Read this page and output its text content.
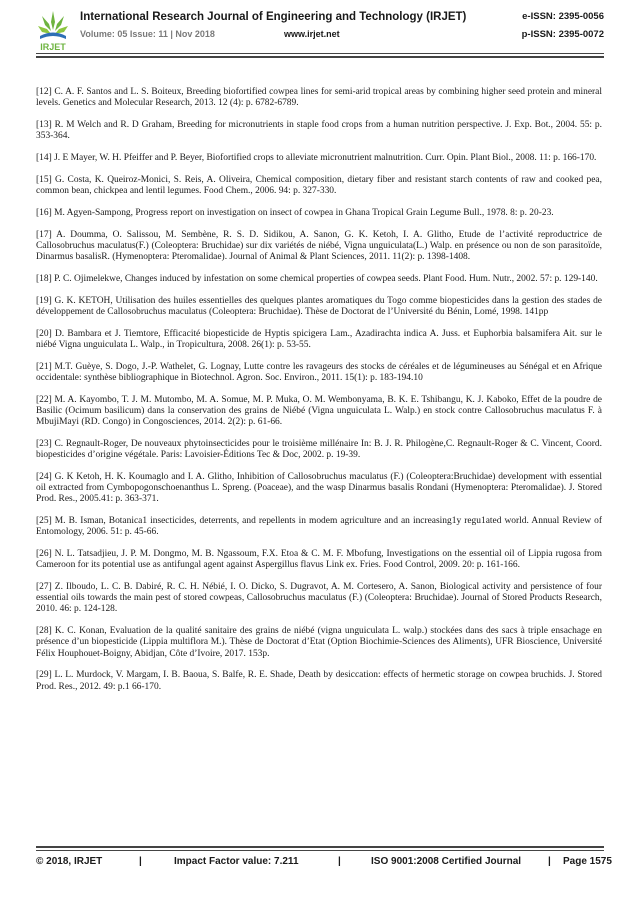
IRJET
International Research Journal of Engineering and Technology (IRJET)
Volume: 05 Issue: 11 | Nov 2018	www.irjet.net
e-ISSN: 2395-0056
p-ISSN: 2395-0072

[12] C. A. F. Santos and L. S. Boiteux, Breeding biofortified cowpea lines for semi-arid tropical areas by combining higher seed protein and mineral levels. Genetics and Molecular Research, 2013. 12 (4): p. 6782-6789.

[13] R. M Welch and R. D Graham, Breeding for micronutrients in staple food crops from a human nutrition perspective. J. Exp. Bot., 2004. 55: p. 353-364.

[14] J. E Mayer, W. H. Pfeiffer and P. Beyer, Biofortified crops to alleviate micronutrient malnutrition. Curr. Opin. Plant Biol., 2008. 11: p. 166-170.

[15] G. Costa, K. Queiroz-Monici, S. Reis, A. Oliveira, Chemical composition, dietary fiber and resistant starch contents of raw and cooked pea, common bean, chickpea and lentil legumes. Food Chem., 2006. 94: p. 327-330.

[16] M. Agyen-Sampong, Progress report on investigation on insect of cowpea in Ghana Tropical Grain Legume Bull., 1978. 8: p. 20-23.

[17] A. Doumma, O. Salissou, M. Sembène, R. S. D. Sidikou, A. Sanon, G. K. Ketoh, I. A. Glitho, Etude de l’activité reproductrice de Callosobruchus maculatus(F.) (Coleoptera: Bruchidae) sur dix variétés de niébé, Vigna unguiculata(L.) Walp. en présence ou non de son parasitoïde, Dinarmus basalisR. (Hymenoptera: Pteromalidae). Journal of Animal & Plant Sciences, 2011. 11(2): p. 1398-1408.

[18] P. C. Ojimelekwe, Changes induced by infestation on some chemical properties of cowpea seeds. Plant Food. Hum. Nutr., 2002. 57: p. 129-140.

[19] G. K. KETOH, Utilisation des huiles essentielles des quelques plantes aromatiques du Togo comme biopesticides dans la gestion des stades de développement de Callosobruchus maculatus (Coleoptera: Bruchidae). Thèse de Doctorat de l’Université du Bénin, Lomé, 1998. 141pp

[20] D. Bambara et J. Tiemtore, Efficacité biopesticide de Hyptis spicigera Lam., Azadirachta indica A. Juss. et Euphorbia balsamifera Ait. sur le niébé Vigna unguiculata L. Walp., in Tropicultura, 2008. 26(1): p. 53-55.

[21] M.T. Guèye, S. Dogo, J.-P. Wathelet, G. Lognay, Lutte contre les ravageurs des stocks de céréales et de légumineuses au Sénégal et en Afrique occidentale: synthèse bibliographique in Biotechnol. Agron. Soc. Environ., 2011. 15(1): p. 183-194.10

[22] M. A. Kayombo, T. J. M. Mutombo, M. A. Somue, M. P. Muka, O. M. Wembonyama, B. K. E. Tshibangu, K. J. Kaboko, Effet de la poudre de Basilic (Ocimum basilicum) dans la conservation des grains de Niébé (Vigna unguiculata L. Walp.) en stock contre Callosobruchus maculatus F. à MbujiMayi (RD. Congo) in Congosciences, 2014. 2(2): p. 61-66.

[23] C. Regnault-Roger, De nouveaux phytoinsecticides pour le troisième millénaire In: B. J. R. Philogène,C. Regnault-Roger & C. Vincent, Coord. biopesticides d’origine végétale. Paris: Lavoisier-Éditions Tec & Doc, 2002. p. 19-39.

[24] G. K Ketoh, H. K. Koumaglo and I. A. Glitho, Inhibition of Callosobruchus maculatus (F.) (Coleoptera:Bruchidae) development with essential oil extracted from Cymbopogonschoenanthus L. Spreng. (Poaceae), and the wasp Dinarmus basalis Rondani (Hymenoptera: Pteromalidae). J. Stored Prod. Res., 2005.41: p. 363-371.

[25] M. B. Isman, Botanica1 insecticides, deterrents, and repellents in modem agriculture and an increasing1y regu1ated world. Annual Review of Entomology, 2006. 51: p. 45-66.

[26] N. L. Tatsadjieu, J. P. M. Dongmo, M. B. Ngassoum, F.X. Etoa & C. M. F. Mbofung, Investigations on the essential oil of Lippia rugosa from Cameroon for its potential use as antifungal agent against Aspergillus flavus Link ex. Fries. Food Control, 2009. 20: p. 161-166.

[27] Z. Ilboudo, L. C. B. Dabiré, R. C. H. Nébié, I. O. Dicko, S. Dugravot, A. M. Cortesero, A. Sanon, Biological activity and persistence of four essential oils towards the main pest of stored cowpeas, Callosobruchus maculatus (F.) (Coleoptera: Bruchidae). Journal of Stored Products Research, 2010. 46: p. 124-128.

[28] K. C. Konan, Evaluation de la qualité sanitaire des grains de niébé (vigna unguiculata L. walp.) stockées dans des sacs à triple ensachage en présence d’un biopesticide (Lippia multiflora M.). Thèse de Doctorat d’Etat (Option Biochimie-Sciences des Aliments), UFR Bioscience, Université Félix Houphouet-Boigny, Abidjan, Côte d’Ivoire, 2017. 153p.

[29] L. L. Murdock, V. Margam, I. B. Baoua, S. Balfe, R. E. Shade, Death by desiccation: effects of hermetic storage on cowpea bruchids. J. Stored Prod. Res., 2012. 49: p.1 66-170.

© 2018, IRJET	|	Impact Factor value: 7.211	|	ISO 9001:2008 Certified Journal	| Page 1575
